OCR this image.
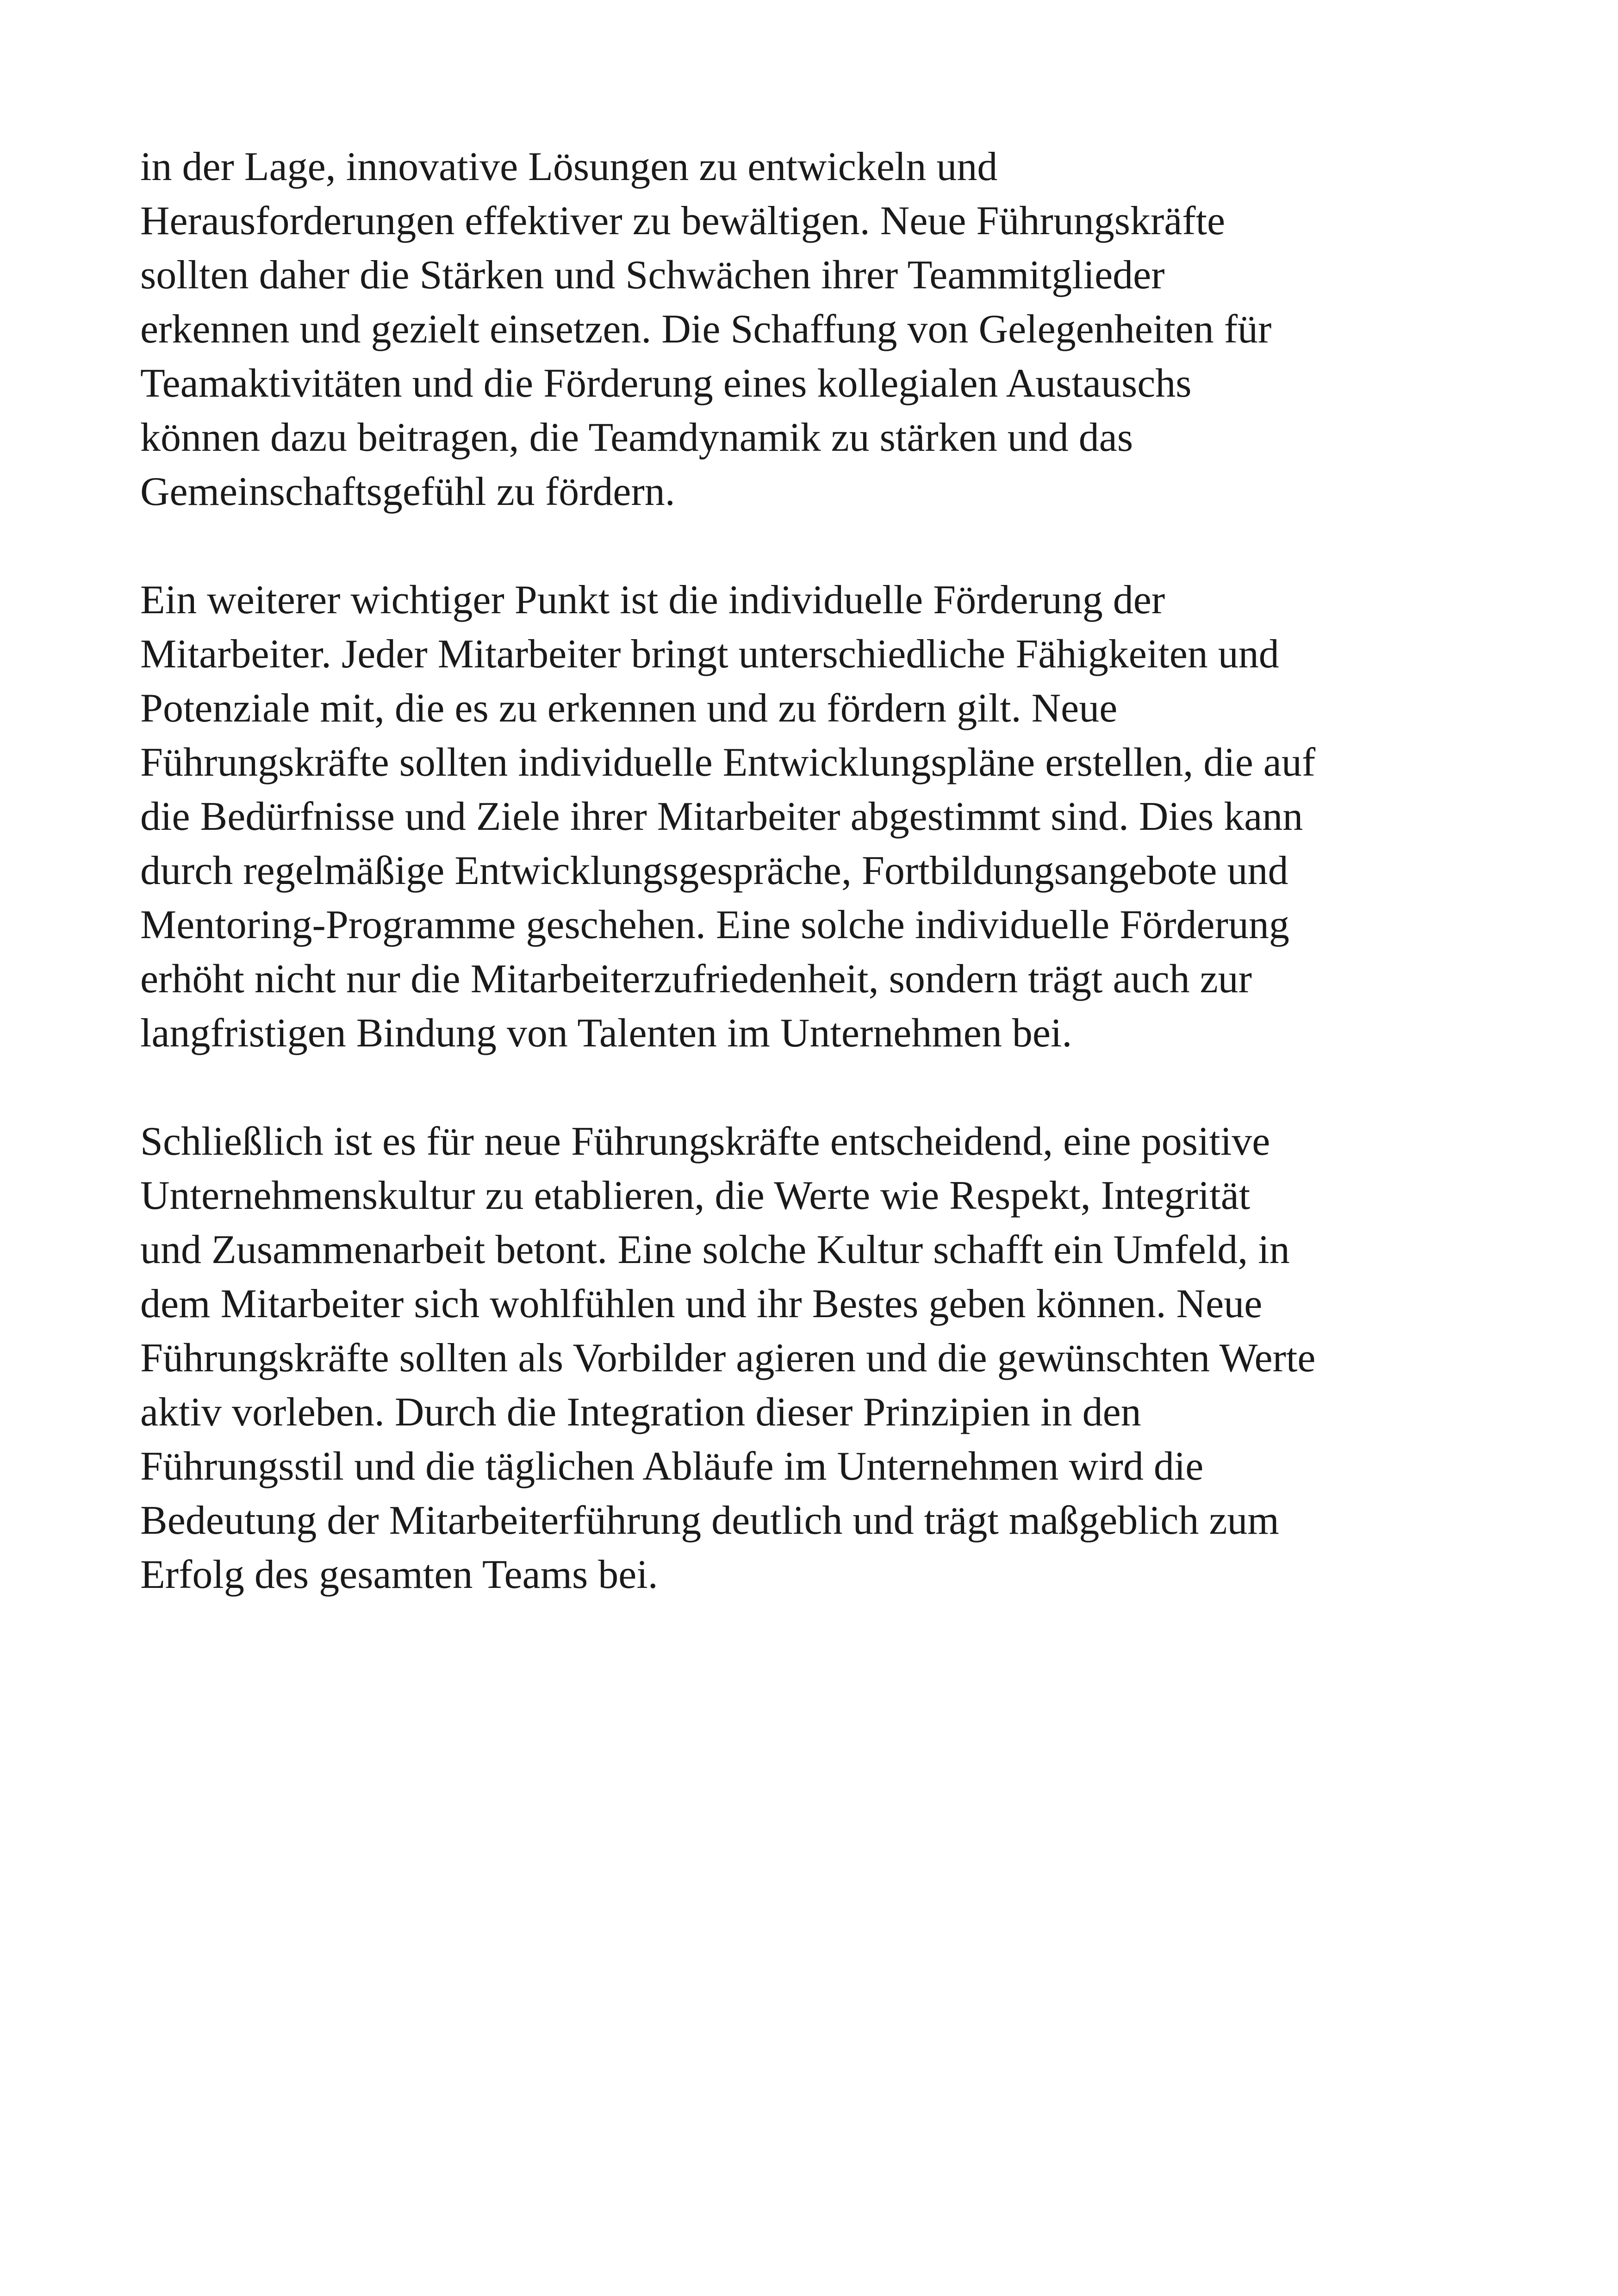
in der Lage, innovative Lösungen zu entwickeln und
Herausforderungen effektiver zu bewältigen. Neue Führungskräfte
sollten daher die Stärken und Schwächen ihrer Teammitglieder
erkennen und gezielt einsetzen. Die Schaffung von Gelegenheiten für
Teamaktivitäten und die Förderung eines kollegialen Austauschs
können dazu beitragen, die Teamdynamik zu stärken und das
Gemeinschaftsgefühl zu fördern.
Ein weiterer wichtiger Punkt ist die individuelle Förderung der
Mitarbeiter. Jeder Mitarbeiter bringt unterschiedliche Fähigkeiten und
Potenziale mit, die es zu erkennen und zu fördern gilt. Neue
Führungskräfte sollten individuelle Entwicklungspläne erstellen, die auf
die Bedürfnisse und Ziele ihrer Mitarbeiter abgestimmt sind. Dies kann
durch regelmäßige Entwicklungsgespräche, Fortbildungsangebote und
Mentoring-Programme geschehen. Eine solche individuelle Förderung
erhöht nicht nur die Mitarbeiterzufriedenheit, sondern trägt auch zur
langfristigen Bindung von Talenten im Unternehmen bei.
Schließlich ist es für neue Führungskräfte entscheidend, eine positive
Unternehmenskultur zu etablieren, die Werte wie Respekt, Integrität
und Zusammenarbeit betont. Eine solche Kultur schafft ein Umfeld, in
dem Mitarbeiter sich wohlfühlen und ihr Bestes geben können. Neue
Führungskräfte sollten als Vorbilder agieren und die gewünschten Werte
aktiv vorleben. Durch die Integration dieser Prinzipien in den
Führungsstil und die täglichen Abläufe im Unternehmen wird die
Bedeutung der Mitarbeiterführung deutlich und trägt maßgeblich zum
Erfolg des gesamten Teams bei.
